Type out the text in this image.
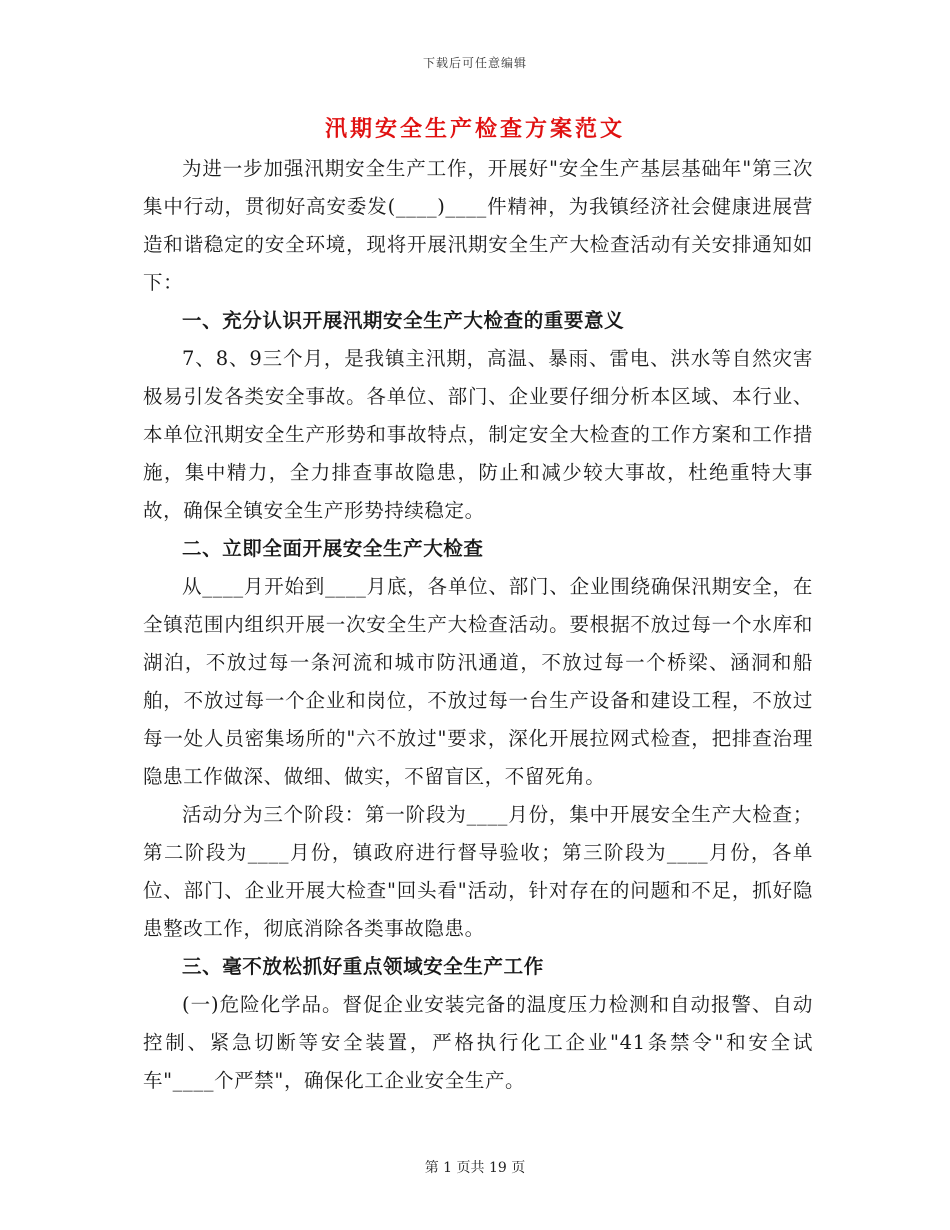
下载后可任意编辑
汛期安全生产检查方案范文

为进一步加强汛期安全生产工作，开展好"安全生产基层基础年"第三次集中行动，贯彻好高安委发(____)____件精神，为我镇经济社会健康进展营造和谐稳定的安全环境，现将开展汛期安全生产大检查活动有关安排通知如下：

一、充分认识开展汛期安全生产大检查的重要意义

7、8、9三个月，是我镇主汛期，高温、暴雨、雷电、洪水等自然灾害极易引发各类安全事故。各单位、部门、企业要仔细分析本区域、本行业、本单位汛期安全生产形势和事故特点，制定安全大检查的工作方案和工作措施，集中精力，全力排查事故隐患，防止和减少较大事故，杜绝重特大事故，确保全镇安全生产形势持续稳定。

二、立即全面开展安全生产大检查

从____月开始到____月底，各单位、部门、企业围绕确保汛期安全，在全镇范围内组织开展一次安全生产大检查活动。要根据不放过每一个水库和湖泊，不放过每一条河流和城市防汛通道，不放过每一个桥梁、涵洞和船舶，不放过每一个企业和岗位，不放过每一台生产设备和建设工程，不放过每一处人员密集场所的"六不放过"要求，深化开展拉网式检查，把排查治理隐患工作做深、做细、做实，不留盲区，不留死角。

活动分为三个阶段：第一阶段为____月份，集中开展安全生产大检查；第二阶段为____月份，镇政府进行督导验收；第三阶段为____月份，各单位、部门、企业开展大检查"回头看"活动，针对存在的问题和不足，抓好隐患整改工作，彻底消除各类事故隐患。

三、毫不放松抓好重点领域安全生产工作

(一)危险化学品。督促企业安装完备的温度压力检测和自动报警、自动控制、紧急切断等安全装置，严格执行化工企业"41条禁令"和安全试车"____个严禁"，确保化工企业安全生产。

第 1 页共 19 页
